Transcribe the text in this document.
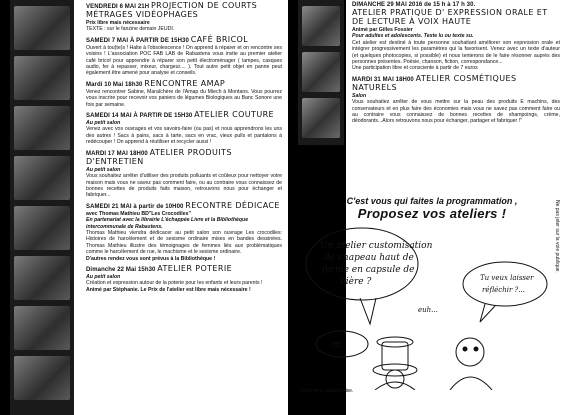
VENDREDI 6 MAI 21H PROJECTION DE COURTS MÉTRAGES VIDÉOPHAGES
Prix libre mais nécessaire
TEXTE : sur le fanzine demain JEUDI.
SAMEDI 7 MAI À PARTIR DE 15H30 CAFÉ BRICOL
Ouvert à tou(te)s ! Halte à l'obsolescence ! On apprend à réparer et on rencontre ses voisins ! L'association POC FAB LAB de Rabastens vous invite au premier atelier café bricol pour apprendre à réparer son petit électroménager ( lampes, casques audio, fer à repasser, mixeur, chargeur.... ). Tout autre petit objet en panne peut également être amené pour analyse et conseils.
Mardi 10 Mai 18h30 RENCONTRE AMAP
Venez rencontrer Sabine, Maraîchère de l'Amap du Miech à Montans. Vous pourrez vous inscrire pour recevoir vos paniers de légumes Biologiques au Banc Sonore une fois par semaine.
SAMEDI 14 MAI À PARTIR DE 15H30 ATELIER COUTURE
Au petit salon
Venez avec vos ouvrages et vos savoirs-faire (ou pas) et nous apprendrons les uns des autres ! Sacs à pains, sacs à tarte, sacs en vrac, vieux pulls et pantalons à redécouper ! On apprend à réutiliser et recycler aussi !
MARDI 17 MAI 18H00 ATELIER PRODUITS D'ENTRETIEN
Au petit salon
Vous souhaitez arrêter d'utiliser des produits polluants et coûteux pour nettoyer votre maison mais vous ne savez pas comment faire, ou au contraire vous connaissez de bonnes recettes de produits faits maison, retrouvons nous pour échanger et fabriquer...
SAMEDI 21 MAI à partir de 10H00 RECONTRE DÉDICACE
avec Thomas Mathieu BD"Les Crocodiles"
En partenariat avec la librairie L'échappée Livre et la Bibliothèque intercommunale de Rabastens.
Thomas Mathieu viendra dédicacer au petit salon son ouvrage Les crocodiles: Histoires de harcèlement et de sexisme ordinaire mises en bandes dessinées. Thomas Mathieu illustre des témoignages de femmes liés aux problématiques comme le harcèlement de rue, le machisme et le sexisme ordinaire.
D'autres rendez vous sont prévus à la Bibliothèque !
Dimanche 22 Mai 15h30 ATELIER POTERIE
Au petit salon
Création et expression autour de la poterie pour les enfants et leurs parents !
Animé par Stéphanie. Le Prix de l'atelier est libre mais nécessaire !
DIMANCHE 29 MAI 2016 de 15 h à 17 h 30.
ATELIER PRATIQUE D' EXPRESSION ORALE ET DE LECTURE À VOIX HAUTE
Animé par Gilles Fossier
Pour adultes et adolescents. Texte lu ou texte su.
Cet atelier est destiné à toute personne souhaitant améliorer son expression orale et intégrer progressivement les paramètres qui la favorisent. Venez avec un texte d'auteur (et quelques photocopies, si possible) et nous tenterons de le faire résonner auprès des personnes présentes. Poésie, chanson, fiction, correspondance...
Une participation libre et consciente à partir de 7 euros
MARDI 31 MAI 18H00 ATELIER COSMÉTIQUES NATURELS
Salon
Vous souhaitez arrêter de vous mettre sur la peau des produits E machins, des conservateurs et en plus faire des économies mais vous ne savez pas comment faire ou au contraire vous connaissez de bonnes recettes de shampoings, crème, déodorants...Alors retrouvons nous pour échanger, partager et fabriquer !"
C'est vous qui faites la programmation ,
Proposez vos ateliers !
Un atelier customisation
de chapeau haut de
forme en capsule de
bière ?
euh...
Tu veux laisser
réfléchir ?...
Pfff...
Ne pas jeter sur la voie publique.
Imprimerie rabastinoise.
